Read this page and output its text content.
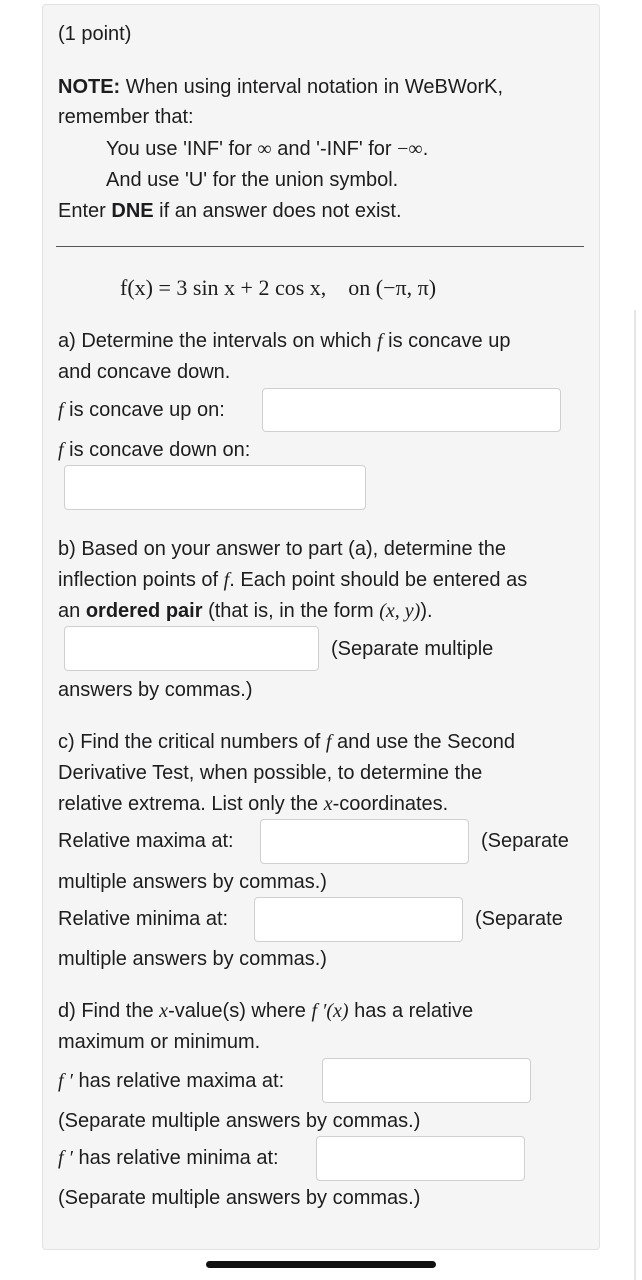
(1 point)
NOTE: When using interval notation in WeBWorK,
remember that:
You use 'INF' for ∞ and '-INF' for −∞.
And use 'U' for the union symbol.
Enter DNE if an answer does not exist.
f(x) = 3 sin x + 2 cos x, on (−π, π)
a) Determine the intervals on which f is concave up
and concave down.
f is concave up on:
f is concave down on:
b) Based on your answer to part (a), determine the
inflection points of f. Each point should be entered as
an ordered pair (that is, in the form (x, y)).
(Separate multiple
answers by commas.)
c) Find the critical numbers of f and use the Second
Derivative Test, when possible, to determine the
relative extrema. List only the x-coordinates.
Relative maxima at:	(Separate
multiple answers by commas.)
Relative minima at:	(Separate
multiple answers by commas.)
d) Find the x-value(s) where f ′(x) has a relative
maximum or minimum.
f ′ has relative maxima at:
(Separate multiple answers by commas.)
f ′ has relative minima at:
(Separate multiple answers by commas.)
